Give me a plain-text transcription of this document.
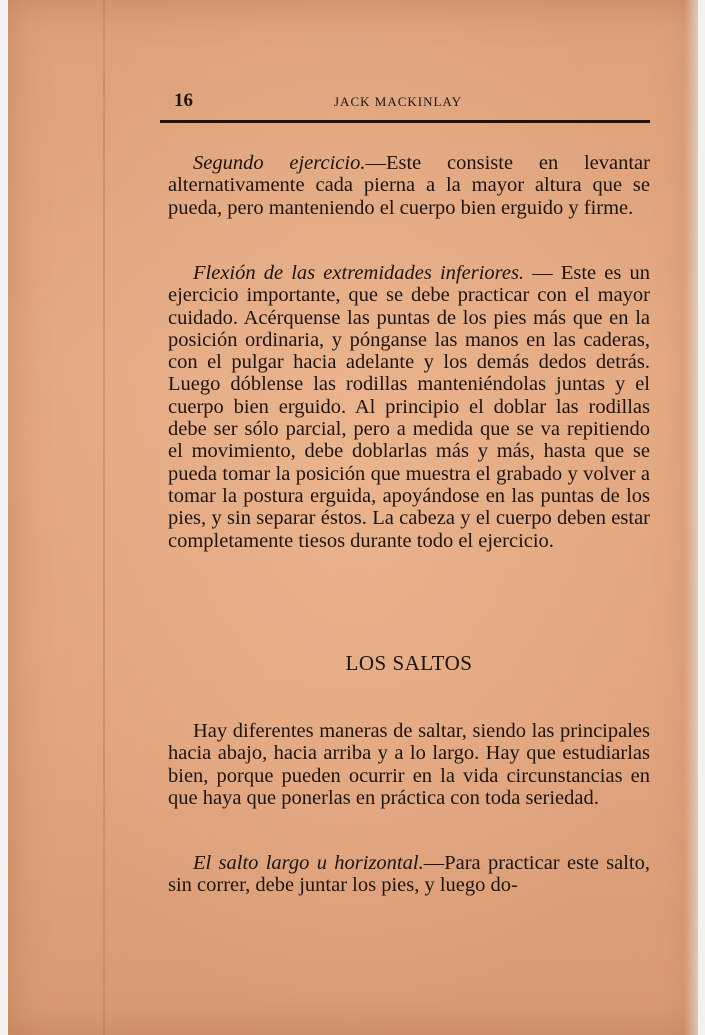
16	JACK MACKINLAY

Segundo ejercicio.—Este consiste en levantar alternativamente cada pierna a la mayor altura que se pueda, pero manteniendo el cuerpo bien erguido y firme.

Flexión de las extremidades inferiores. — Este es un ejercicio importante, que se debe practicar con el mayor cuidado. Acérquense las puntas de los pies más que en la posición ordinaria, y pónganse las manos en las caderas, con el pulgar hacia adelante y los demás dedos detrás. Luego dóblense las rodillas manteniéndolas juntas y el cuerpo bien erguido. Al principio el doblar las rodillas debe ser sólo parcial, pero a medida que se va repitiendo el movimiento, debe doblarlas más y más, hasta que se pueda tomar la posición que muestra el grabado y volver a tomar la postura erguida, apoyándose en las puntas de los pies, y sin separar éstos. La cabeza y el cuerpo deben estar completamente tiesos durante todo el ejercicio.

LOS SALTOS

Hay diferentes maneras de saltar, siendo las principales hacia abajo, hacia arriba y a lo largo. Hay que estudiarlas bien, porque pueden ocurrir en la vida circunstancias en que haya que ponerlas en práctica con toda seriedad.

El salto largo u horizontal.—Para practicar este salto, sin correr, debe juntar los pies, y luego do-
